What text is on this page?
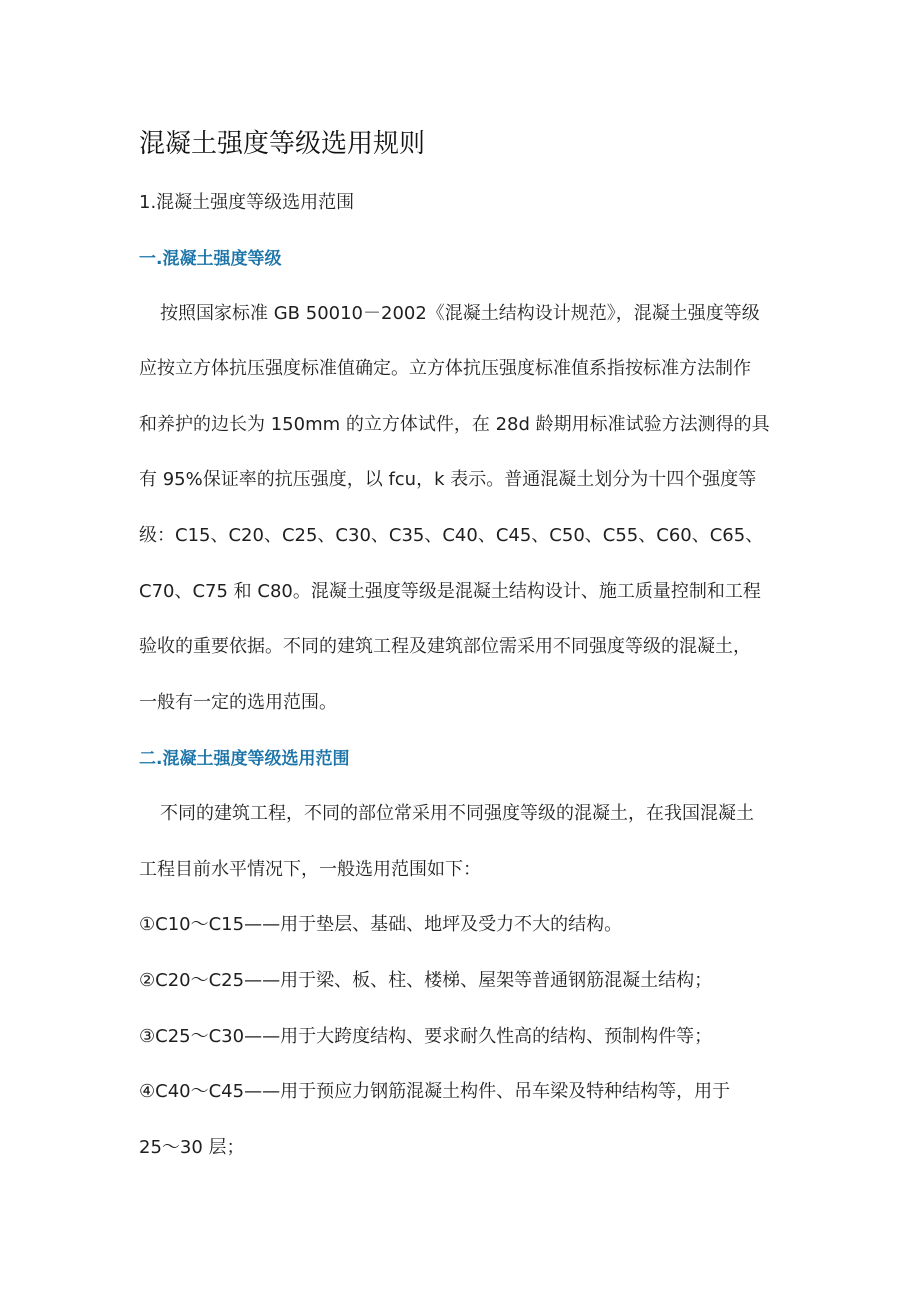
混凝土强度等级选用规则
1.混凝土强度等级选用范围
一.混凝土强度等级
按照国家标准 GB 50010－2002《混凝土结构设计规范》，混凝土强度等级
应按立方体抗压强度标准值确定。立方体抗压强度标准值系指按标准方法制作
和养护的边长为 150mm 的立方体试件，在 28d 龄期用标准试验方法测得的具
有 95%保证率的抗压强度，以 fcu，k 表示。普通混凝土划分为十四个强度等
级：C15、C20、C25、C30、C35、C40、C45、C50、C55、C60、C65、
C70、C75 和 C80。混凝土强度等级是混凝土结构设计、施工质量控制和工程
验收的重要依据。不同的建筑工程及建筑部位需采用不同强度等级的混凝土，
一般有一定的选用范围。
二.混凝土强度等级选用范围
不同的建筑工程，不同的部位常采用不同强度等级的混凝土，在我国混凝土
工程目前水平情况下，一般选用范围如下：
①C10～C15——用于垫层、基础、地坪及受力不大的结构。
②C20～C25——用于梁、板、柱、楼梯、屋架等普通钢筋混凝土结构；
③C25～C30——用于大跨度结构、要求耐久性高的结构、预制构件等；
④C40～C45——用于预应力钢筋混凝土构件、吊车梁及特种结构等，用于
25～30 层；
